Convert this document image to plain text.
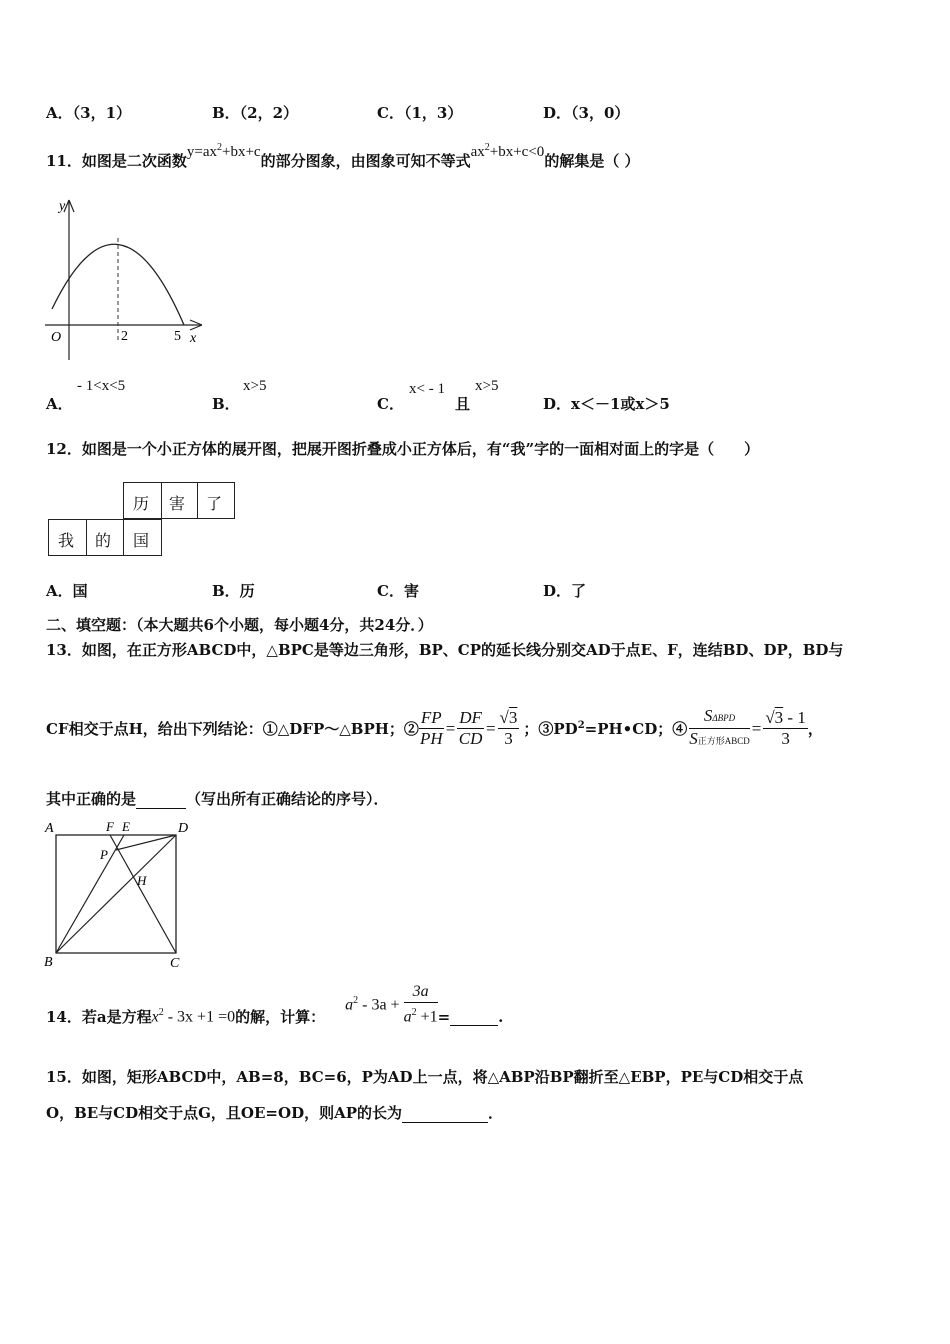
A．（3，1）	B．（2，2）	C．（1，3）	D．（3，0）
11．如图是二次函数$y=ax^2+bx+c$的部分图象，由图象可知不等式$ax^2+bx+c<0$的解集是（ ）
y
O	2	5 x
A．
- 1<x<5
B．
x>5
C．
x< - 1
且
x>5
D．x＜－1或x＞5
12．如图是一个小正方体的展开图，把展开图折叠成小正方体后，有“我”字的一面相对面上的字是（　　）
历 害 了
我 的 国
A．国	B．历	C．害	D．了
二、填空题：（本大题共6个小题，每小题4分，共24分．）
13．如图，在正方形ABCD中，△BPC是等边三角形，BP、CP的延长线分别交AD于点E、F，连结BD、DP，BD与
CF相交于点H，给出下列结论：①△DFP～△BPH；② $\frac{FP}{PH} = \frac{DF}{CD} = \frac{√3}{3}$ ；$③PD^2=PH•CD$；④ $\frac{\text{SΔBPD}}{\text{S正方形ABCD}} = \frac{√3 - 1}{3}$ ，
其中正确的是	（写出所有正确结论的序号）．
A	F E	D
P
H
B	C
14．若a是方程 $x^2 - 3x +1 =0$ 的解，计算：
$a^2 - 3a + \frac{3a}{a^2 +1}$ =
	.
15．如图，矩形ABCD中，AB=8，BC=6，P为AD上一点，将△ABP沿BP翻折至△EBP，PE与CD相交于点
O，BE与CD相交于点G，且OE=OD，则AP的长为	．
